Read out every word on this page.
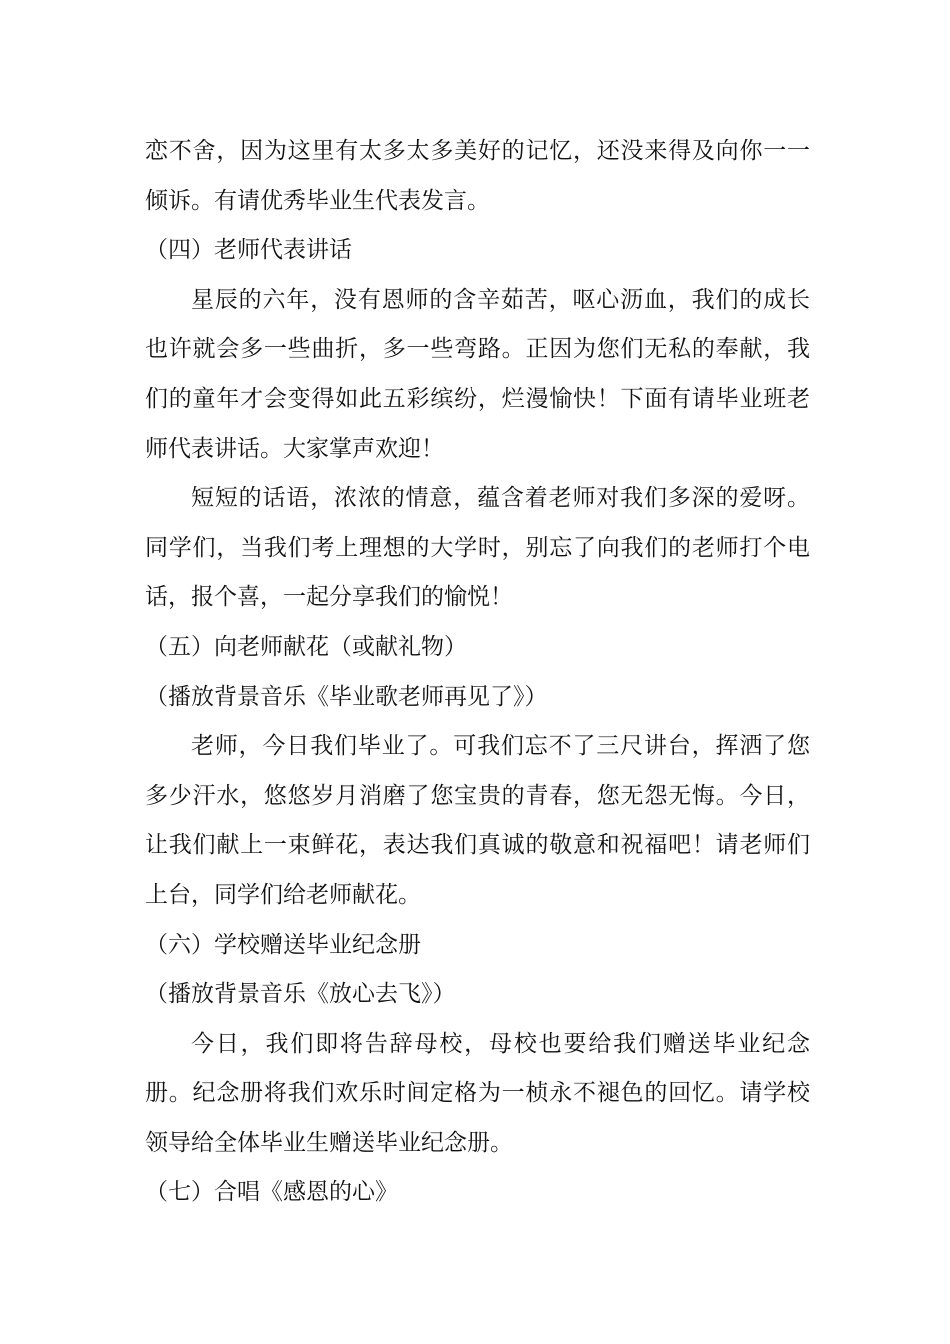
恋不舍，因为这里有太多太多美好的记忆，还没来得及向你一一倾诉。有请优秀毕业生代表发言。

（四）老师代表讲话

星辰的六年，没有恩师的含辛茹苦，呕心沥血，我们的成长也许就会多一些曲折，多一些弯路。正因为您们无私的奉献，我们的童年才会变得如此五彩缤纷，烂漫愉快！下面有请毕业班老师代表讲话。大家掌声欢迎！

短短的话语，浓浓的情意，蕴含着老师对我们多深的爱呀。同学们，当我们考上理想的大学时，别忘了向我们的老师打个电话，报个喜，一起分享我们的愉悦！

（五）向老师献花（或献礼物）

（播放背景音乐《毕业歌老师再见了》）

老师，今日我们毕业了。可我们忘不了三尺讲台，挥洒了您多少汗水，悠悠岁月消磨了您宝贵的青春，您无怨无悔。今日，让我们献上一束鲜花，表达我们真诚的敬意和祝福吧！请老师们上台，同学们给老师献花。

（六）学校赠送毕业纪念册

（播放背景音乐《放心去飞》）

今日，我们即将告辞母校，母校也要给我们赠送毕业纪念册。纪念册将我们欢乐时间定格为一桢永不褪色的回忆。请学校领导给全体毕业生赠送毕业纪念册。

（七）合唱《感恩的心》
